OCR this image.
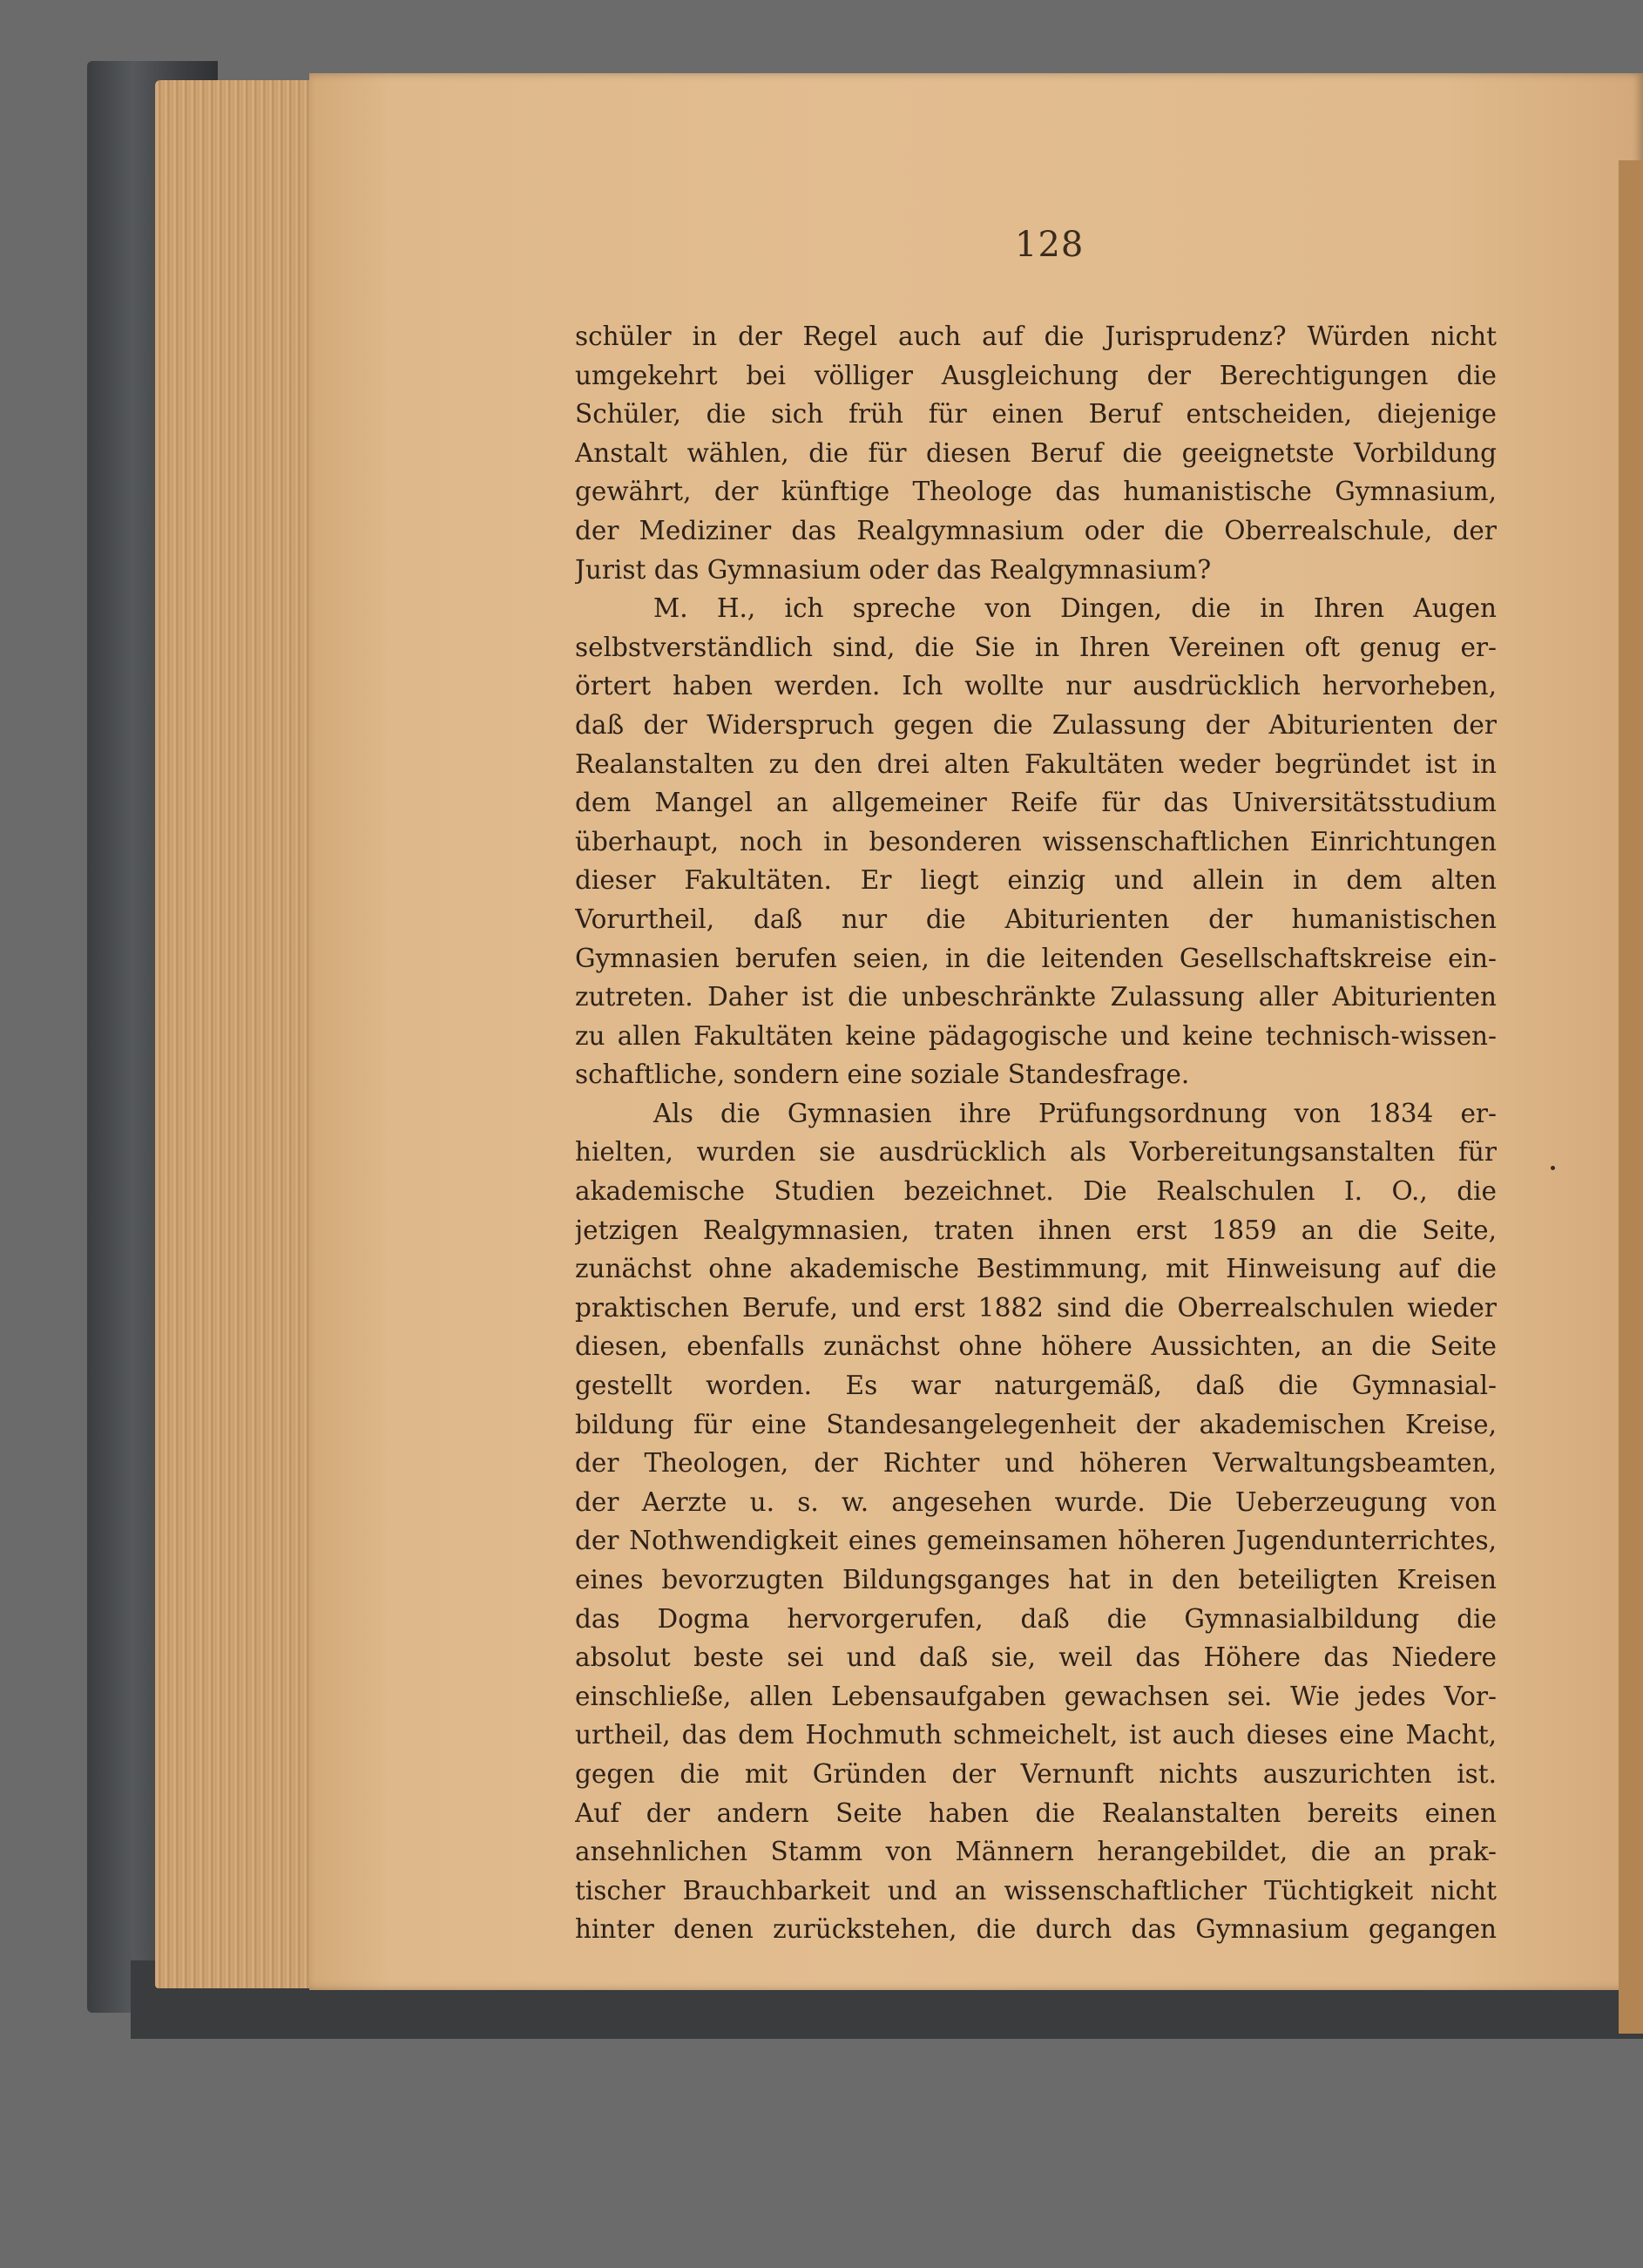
128
schüler in der Regel auch auf die Jurisprudenz? Würden nicht
umgekehrt bei völliger Ausgleichung der Berechtigungen die
Schüler, die sich früh für einen Beruf entscheiden, diejenige
Anstalt wählen, die für diesen Beruf die geeignetste Vorbildung
gewährt, der künftige Theologe das humanistische Gymnasium,
der Mediziner das Realgymnasium oder die Oberrealschule, der
Jurist das Gymnasium oder das Realgymnasium?
M. H., ich spreche von Dingen, die in Ihren Augen
selbstverständlich sind, die Sie in Ihren Vereinen oft genug er-
örtert haben werden. Ich wollte nur ausdrücklich hervorheben,
daß der Widerspruch gegen die Zulassung der Abiturienten der
Realanstalten zu den drei alten Fakultäten weder begründet ist in
dem Mangel an allgemeiner Reife für das Universitätsstudium
überhaupt, noch in besonderen wissenschaftlichen Einrichtungen
dieser Fakultäten. Er liegt einzig und allein in dem alten
Vorurtheil, daß nur die Abiturienten der humanistischen
Gymnasien berufen seien, in die leitenden Gesellschaftskreise ein-
zutreten. Daher ist die unbeschränkte Zulassung aller Abiturienten
zu allen Fakultäten keine pädagogische und keine technisch-wissen-
schaftliche, sondern eine soziale Standesfrage.
Als die Gymnasien ihre Prüfungsordnung von 1834 er-
hielten, wurden sie ausdrücklich als Vorbereitungsanstalten für
akademische Studien bezeichnet. Die Realschulen I. O., die
jetzigen Realgymnasien, traten ihnen erst 1859 an die Seite,
zunächst ohne akademische Bestimmung, mit Hinweisung auf die
praktischen Berufe, und erst 1882 sind die Oberrealschulen wieder
diesen, ebenfalls zunächst ohne höhere Aussichten, an die Seite
gestellt worden. Es war naturgemäß, daß die Gymnasial-
bildung für eine Standesangelegenheit der akademischen Kreise,
der Theologen, der Richter und höheren Verwaltungsbeamten,
der Aerzte u. s. w. angesehen wurde. Die Ueberzeugung von
der Nothwendigkeit eines gemeinsamen höheren Jugendunterrichtes,
eines bevorzugten Bildungsganges hat in den beteiligten Kreisen
das Dogma hervorgerufen, daß die Gymnasialbildung die
absolut beste sei und daß sie, weil das Höhere das Niedere
einschließe, allen Lebensaufgaben gewachsen sei. Wie jedes Vor-
urtheil, das dem Hochmuth schmeichelt, ist auch dieses eine Macht,
gegen die mit Gründen der Vernunft nichts auszurichten ist.
Auf der andern Seite haben die Realanstalten bereits einen
ansehnlichen Stamm von Männern herangebildet, die an prak-
tischer Brauchbarkeit und an wissenschaftlicher Tüchtigkeit nicht
hinter denen zurückstehen, die durch das Gymnasium gegangen
